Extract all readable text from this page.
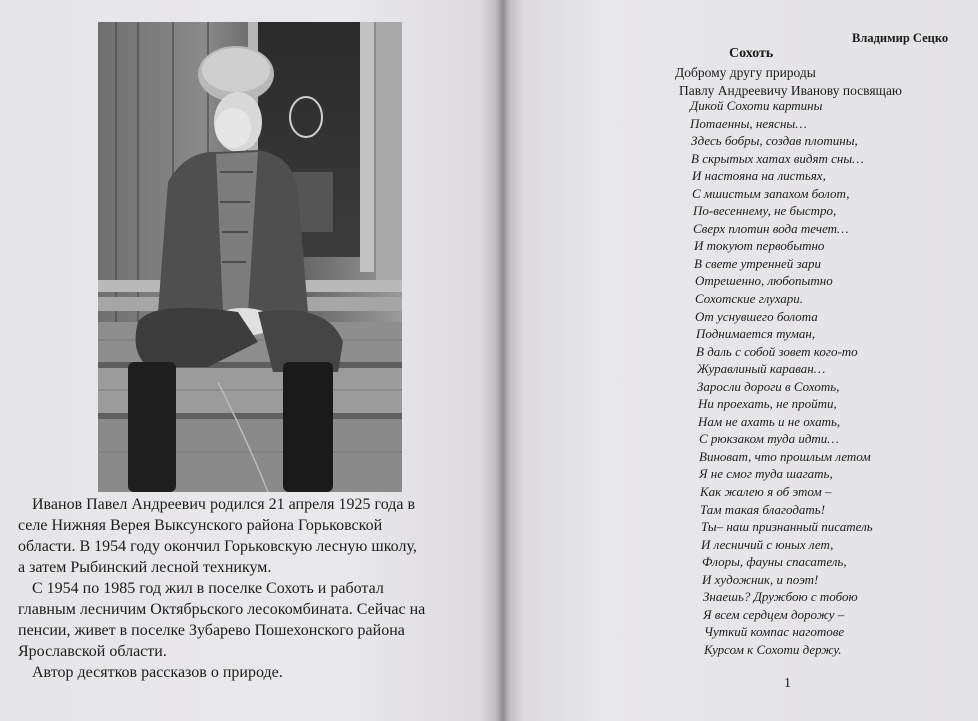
Иванов Павел Андреевич родился 21 апреля 1925 года в
селе Нижняя Верея Выксунского района Горьковской
области. В 1954 году окончил Горьковскую лесную школу,
а затем Рыбинский лесной техникум.

С 1954 по 1985 год жил в поселке Сохоть и работал
главным лесничим Октябрьского лесокомбината. Сейчас на
пенсии, живет в поселке Зубарево Пошехонского района
Ярославской области.

Автор десятков рассказов о природе.

Владимир Сецко
Сохоть
Доброму другу природы
Павлу Андреевичу Иванову посвящаю
Дикой Сохоти картины
Потаенны, неясны…
Здесь бобры, создав плотины,
В скрытых хатах видят сны…
И настояна на листьях,
С мшистым запахом болот,
По-весеннему, не быстро,
Сверх плотин вода течет…
И токуют первобытно
В свете утренней зари
Отрешенно, любопытно
Сохотские глухари.
От уснувшего болота
Поднимается туман,
В даль с собой зовет кого-то
Журавлиный караван…
Заросли дороги в Сохоть,
Ни проехать, не пройти,
Нам не ахать и не охать,
С рюкзаком туда идти…
Виноват, что прошлым летом
Я не смог туда шагать,
Как жалею я об этом –
Там такая благодать!
Ты– наш признанный писатель
И лесничий с юных лет,
Флоры, фауны спасатель,
И художник, и поэт!
Знаешь? Дружбою с тобою
Я всем сердцем дорожу –
Чуткий компас наготове
Курсом к Сохоти держу.
1
